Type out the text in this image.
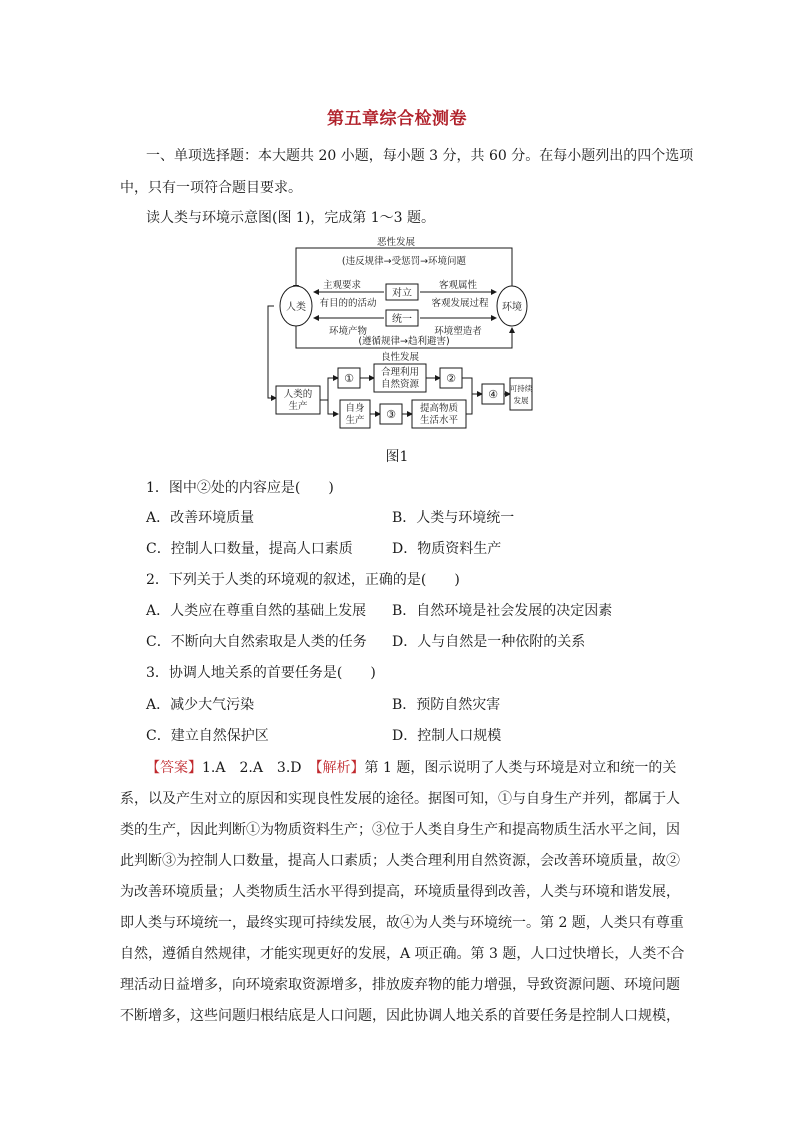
第五章综合检测卷
一、单项选择题：本大题共 20 小题，每小题 3 分，共 60 分。在每小题列出的四个选项
中，只有一项符合题目要求。
读人类与环境示意图(图 1)，完成第 1～3 题。
恶性发展
(违反规律→受惩罚→环境问题
人类	环境
主观要求	客观属性
对立
有目的的活动	客观发展过程
统一
环境产物	环境塑造者
(遵循规律→趋利避害)
良性发展
人类的
生产
①	合理利用
自然资源 ②
自身
生产 ③	提高物质
生活水平
④ 可持续
发展
图1
1．图中②处的内容应是(　　)
A．改善环境质量	B．人类与环境统一
C．控制人口数量，提高人口素质	D．物质资料生产
2．下列关于人类的环境观的叙述，正确的是(　　)
A．人类应在尊重自然的基础上发展 B．自然环境是社会发展的决定因素
C．不断向大自然索取是人类的任务 D．人与自然是一种依附的关系
3．协调人地关系的首要任务是(　　)
A．减少大气污染	B．预防自然灾害
C．建立自然保护区	D．控制人口规模
【答案】1.A　2.A　3.D　 【解析】第 1 题，图示说明了人类与环境是对立和统一的关
系，以及产生对立的原因和实现良性发展的途径。据图可知，①与自身生产并列，都属于人
类的生产，因此判断①为物质资料生产；③位于人类自身生产和提高物质生活水平之间，因
此判断③为控制人口数量，提高人口素质；人类合理利用自然资源，会改善环境质量，故②
为改善环境质量；人类物质生活水平得到提高，环境质量得到改善，人类与环境和谐发展，
即人类与环境统一，最终实现可持续发展，故④为人类与环境统一。第 2 题，人类只有尊重
自然，遵循自然规律，才能实现更好的发展，A 项正确。第 3 题，人口过快增长，人类不合
理活动日益增多，向环境索取资源增多，排放废弃物的能力增强，导致资源问题、环境问题
不断增多，这些问题归根结底是人口问题，因此协调人地关系的首要任务是控制人口规模，
